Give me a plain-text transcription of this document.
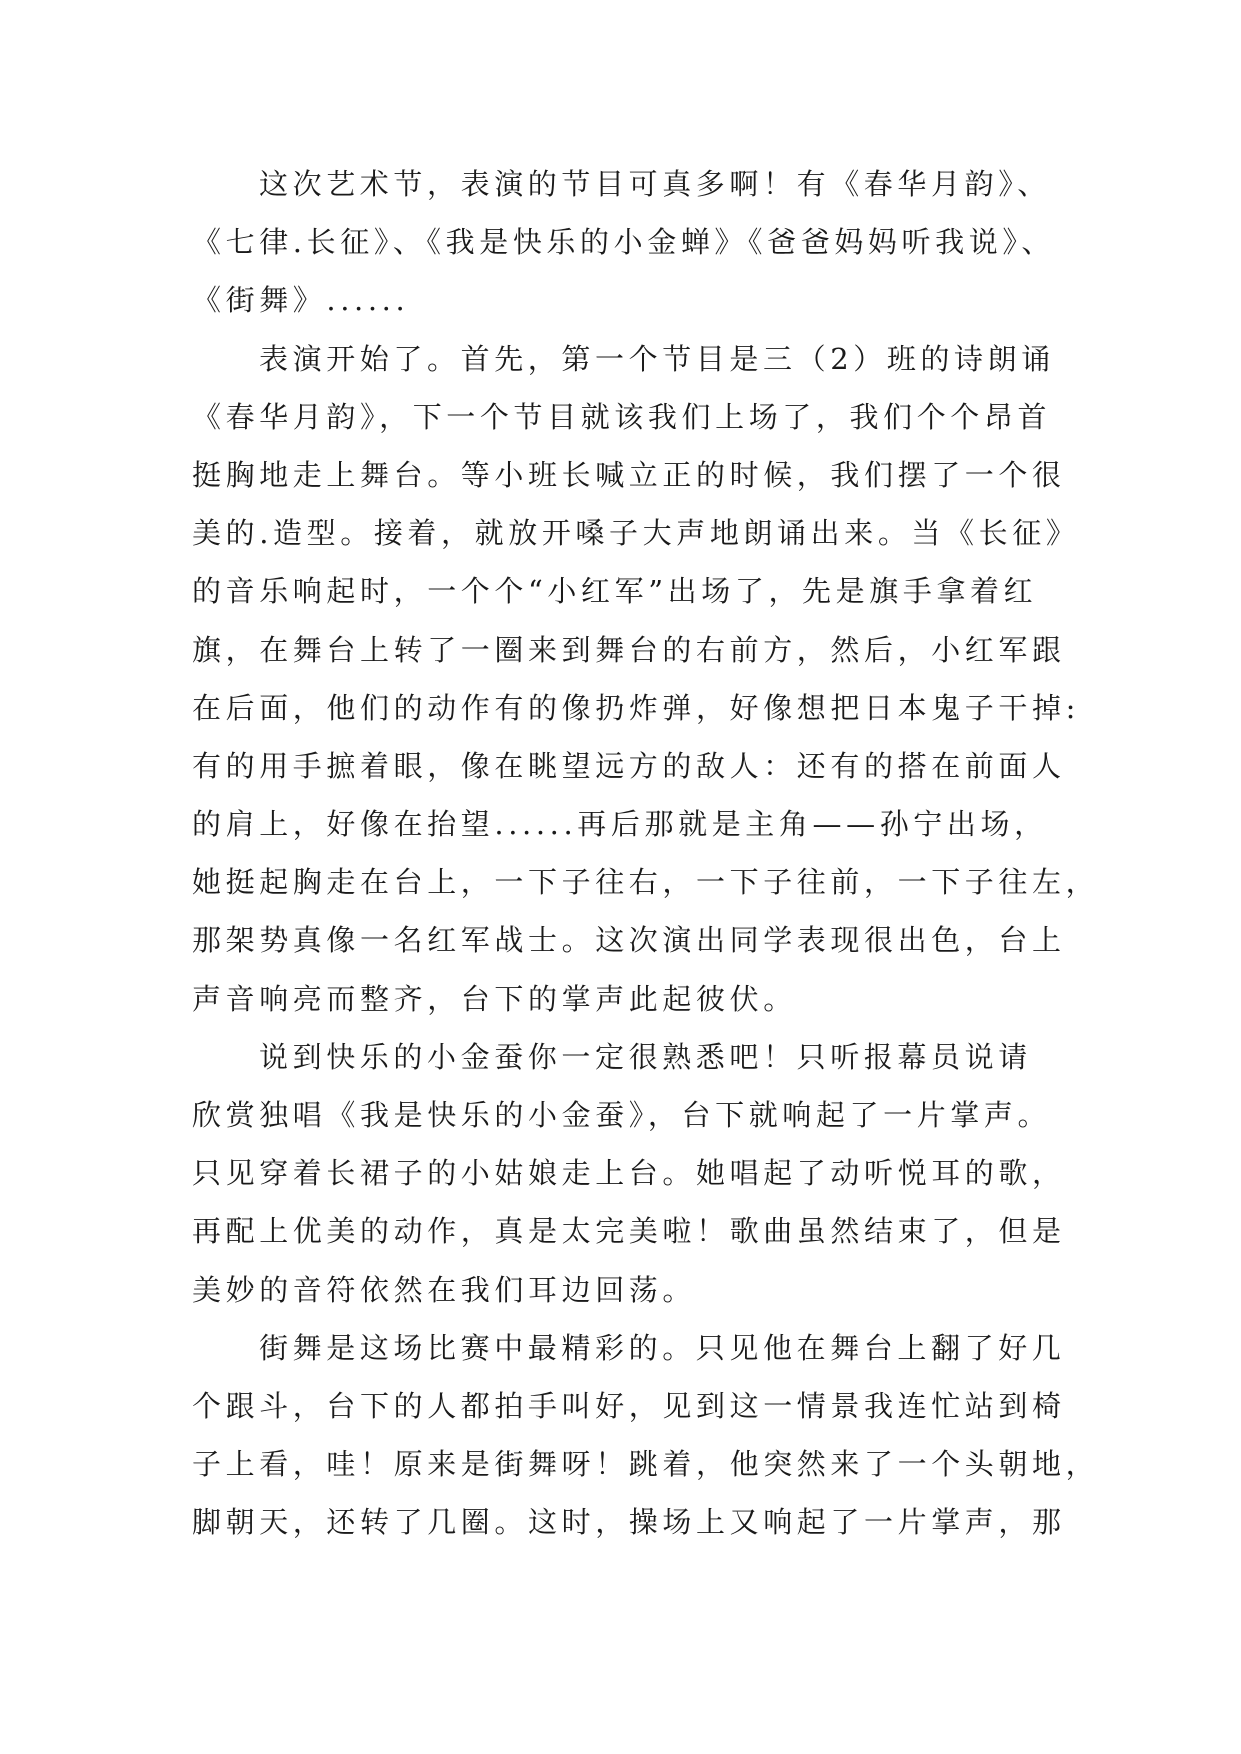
这次艺术节，表演的节目可真多啊！有《春华月韵》、
《七律.长征》、《我是快乐的小金蝉》《爸爸妈妈听我说》、
《街舞》......
表演开始了。首先，第一个节目是三（2）班的诗朗诵
《春华月韵》，下一个节目就该我们上场了，我们个个昂首
挺胸地走上舞台。等小班长喊立正的时候，我们摆了一个很
美的.造型。接着，就放开嗓子大声地朗诵出来。当《长征》
的音乐响起时，一个个“小红军”出场了，先是旗手拿着红
旗，在舞台上转了一圈来到舞台的右前方，然后，小红军跟
在后面，他们的动作有的像扔炸弹，好像想把日本鬼子干掉:
有的用手摭着眼，像在眺望远方的敌人：还有的搭在前面人
的肩上，好像在抬望......再后那就是主角——孙宁出场，
她挺起胸走在台上，一下子往右，一下子往前，一下子往左，
那架势真像一名红军战士。这次演出同学表现很出色，台上
声音响亮而整齐，台下的掌声此起彼伏。
说到快乐的小金蚕你一定很熟悉吧！只听报幕员说请
欣赏独唱《我是快乐的小金蚕》，台下就响起了一片掌声。
只见穿着长裙子的小姑娘走上台。她唱起了动听悦耳的歌，
再配上优美的动作，真是太完美啦！歌曲虽然结束了，但是
美妙的音符依然在我们耳边回荡。
街舞是这场比赛中最精彩的。只见他在舞台上翻了好几
个跟斗，台下的人都拍手叫好，见到这一情景我连忙站到椅
子上看，哇！原来是街舞呀！跳着，他突然来了一个头朝地，
脚朝天，还转了几圈。这时，操场上又响起了一片掌声，那
